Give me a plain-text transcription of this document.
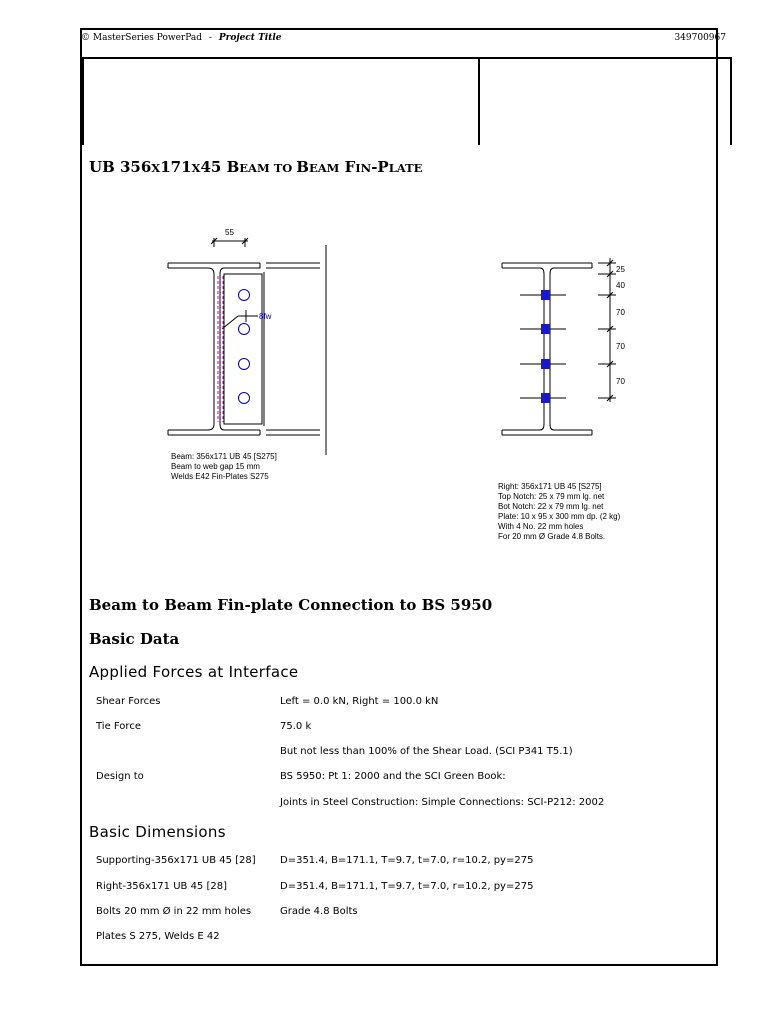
© MasterSeries PowerPad - Project Title	349700967
UB 356X171X45 BEAM TO BEAM FIN-PLATE
55
8fw
25
40
70
70
70
Beam: 356x171 UB 45 [S275]
Beam to web gap 15 mm
Welds E42 Fin-Plates S275
Right: 356x171 UB 45 [S275]
Top Notch: 25 x 79 mm lg. net
Bot Notch: 22 x 79 mm lg. net
Plate: 10 x 95 x 300 mm dp. (2 kg)
With 4 No. 22 mm holes
For 20 mm Ø Grade 4.8 Bolts.
Beam to Beam Fin-plate Connection to BS 5950
Basic Data
Applied Forces at Interface
Shear Forces	Left = 0.0 kN, Right = 100.0 kN
Tie Force	75.0 k
But not less than 100% of the Shear Load. (SCI P341 T5.1)
Design to	BS 5950: Pt 1: 2000 and the SCI Green Book:
Joints in Steel Construction: Simple Connections: SCI-P212: 2002
Basic Dimensions
Supporting-356x171 UB 45 [28] D=351.4, B=171.1, T=9.7, t=7.0, r=10.2, py=275
Right-356x171 UB 45 [28]	D=351.4, B=171.1, T=9.7, t=7.0, r=10.2, py=275
Bolts 20 mm Ø in 22 mm holes	Grade 4.8 Bolts
Plates S 275, Welds E 42
